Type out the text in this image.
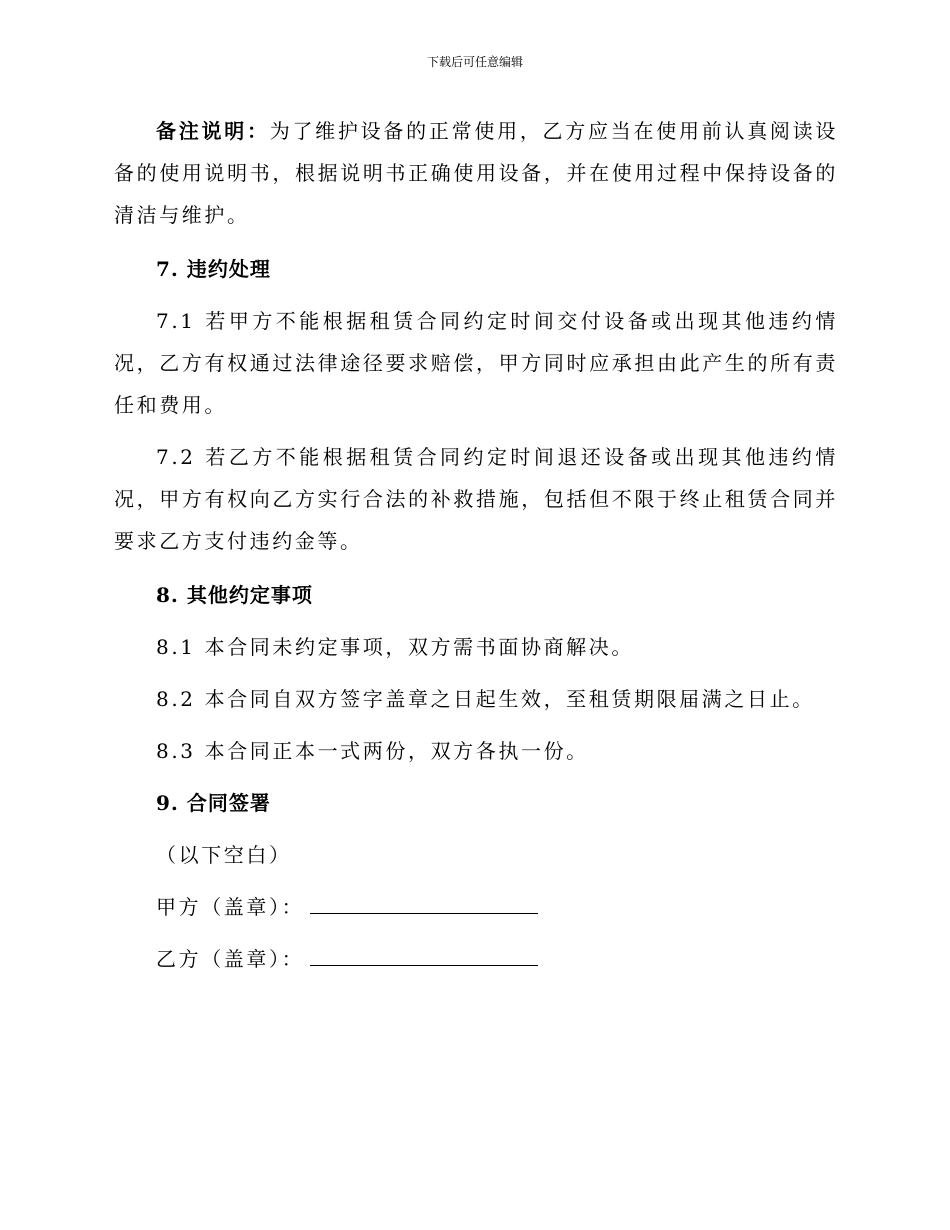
下载后可任意编辑

备注说明：为了维护设备的正常使用，乙方应当在使用前认真阅读设备的使用说明书，根据说明书正确使用设备，并在使用过程中保持设备的清洁与维护。

7. 违约处理

7.1 若甲方不能根据租赁合同约定时间交付设备或出现其他违约情况，乙方有权通过法律途径要求赔偿，甲方同时应承担由此产生的所有责任和费用。

7.2 若乙方不能根据租赁合同约定时间退还设备或出现其他违约情况，甲方有权向乙方实行合法的补救措施，包括但不限于终止租赁合同并要求乙方支付违约金等。

8. 其他约定事项

8.1 本合同未约定事项，双方需书面协商解决。

8.2 本合同自双方签字盖章之日起生效，至租赁期限届满之日止。

8.3 本合同正本一式两份，双方各执一份。

9. 合同签署

（以下空白）

甲方（盖章）：

乙方（盖章）：
